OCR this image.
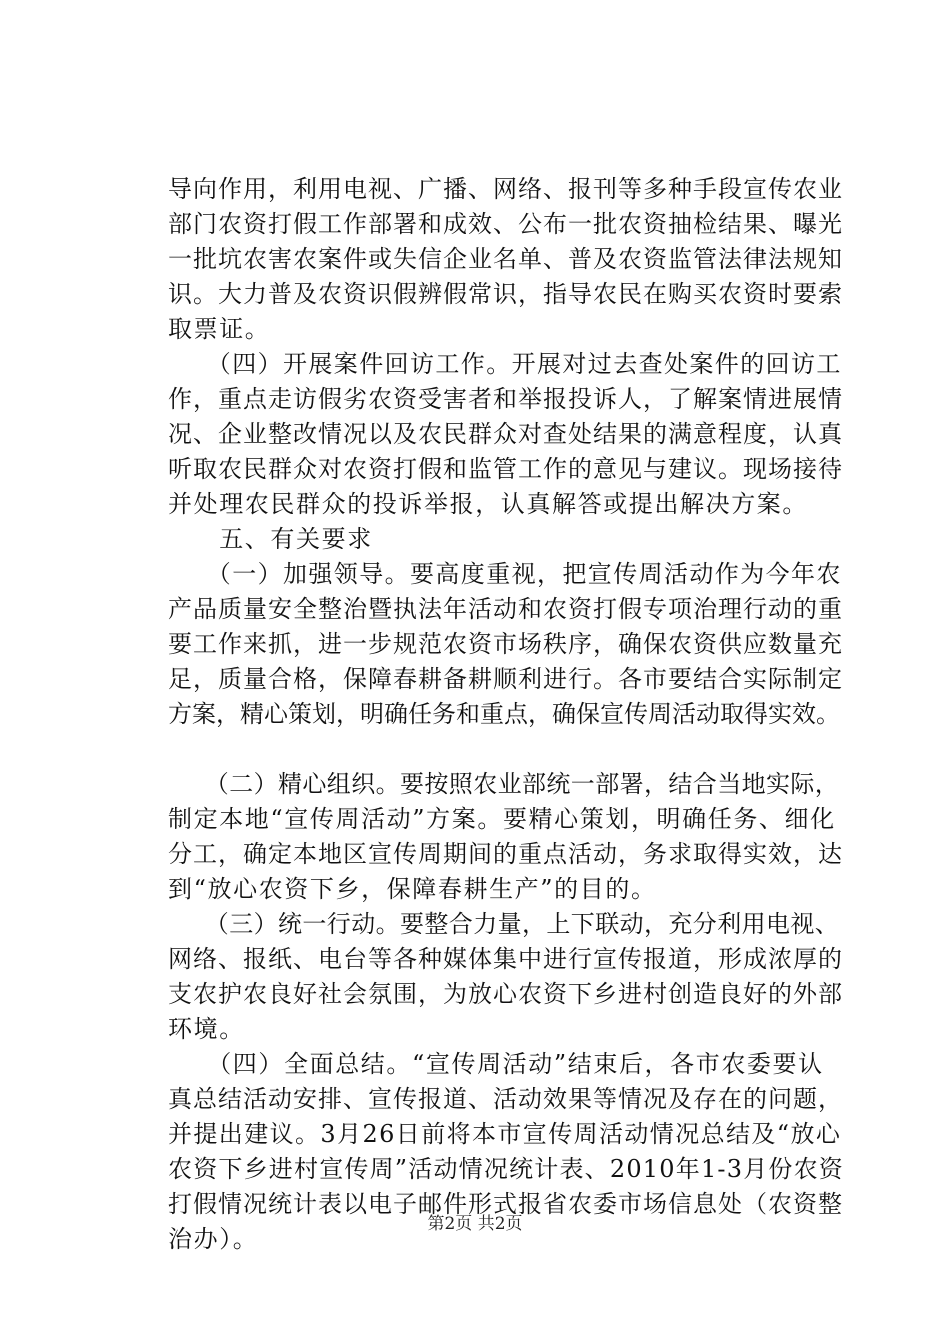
导向作用，利用电视、广播、网络、报刊等多种手段宣传农业
部门农资打假工作部署和成效、公布一批农资抽检结果、曝光
一批坑农害农案件或失信企业名单、普及农资监管法律法规知
识。大力普及农资识假辨假常识，指导农民在购买农资时要索
取票证。
　　（四）开展案件回访工作。开展对过去查处案件的回访工
作，重点走访假劣农资受害者和举报投诉人，了解案情进展情
况、企业整改情况以及农民群众对查处结果的满意程度，认真
听取农民群众对农资打假和监管工作的意见与建议。现场接待
并处理农民群众的投诉举报，认真解答或提出解决方案。
　　五、有关要求
　　（一）加强领导。要高度重视，把宣传周活动作为今年农
产品质量安全整治暨执法年活动和农资打假专项治理行动的重
要工作来抓，进一步规范农资市场秩序，确保农资供应数量充
足，质量合格，保障春耕备耕顺利进行。各市要结合实际制定
方案，精心策划，明确任务和重点，确保宣传周活动取得实效。
　　（二）精心组织。要按照农业部统一部署，结合当地实际，
制定本地“宣传周活动”方案。要精心策划，明确任务、细化
分工，确定本地区宣传周期间的重点活动，务求取得实效，达
到“放心农资下乡，保障春耕生产”的目的。
　　（三）统一行动。要整合力量，上下联动，充分利用电视、
网络、报纸、电台等各种媒体集中进行宣传报道，形成浓厚的
支农护农良好社会氛围，为放心农资下乡进村创造良好的外部
环境。
　　（四）全面总结。“宣传周活动”结束后，各市农委要认
真总结活动安排、宣传报道、活动效果等情况及存在的问题，
并提出建议。3月26日前将本市宣传周活动情况总结及“放心
农资下乡进村宣传周”活动情况统计表、2010年1-3月份农资
打假情况统计表以电子邮件形式报省农委市场信息处（农资整
治办）。
第2页 共2页
